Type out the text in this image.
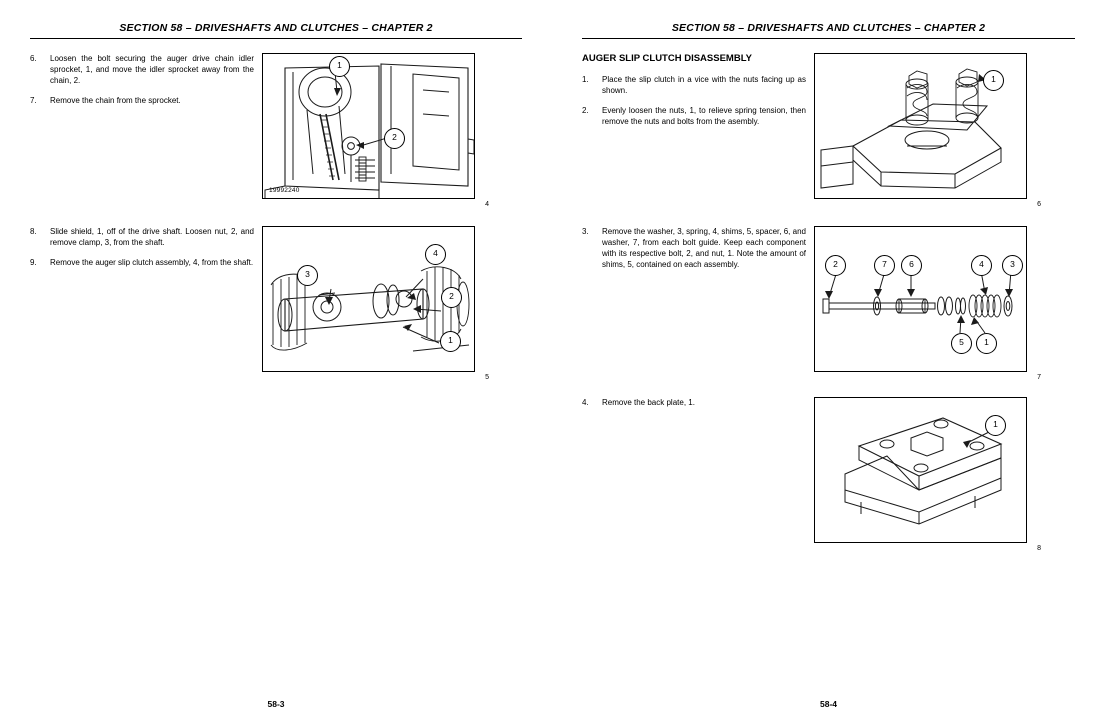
SECTION 58 – DRIVESHAFTS AND CLUTCHES – CHAPTER 2
6.	Loosen the bolt securing the auger drive chain idler sprocket, 1, and move the idler sprocket away from the chain, 2.
7.	Remove the chain from the sprocket.
1
2
19992240
4
8.	Slide shield, 1, off of the drive shaft. Loosen nut, 2, and remove clamp, 3, from the shaft.
9.	Remove the auger slip clutch assembly, 4, from the shaft.
4
3
2
1
5
58-3
SECTION 58 – DRIVESHAFTS AND CLUTCHES – CHAPTER 2
AUGER SLIP CLUTCH DISASSEMBLY
1.	Place the slip clutch in a vice with the nuts facing up as shown.
2.	Evenly loosen the nuts, 1, to relieve spring tension, then remove the nuts and bolts from the asembly.
1
6
3.	Remove the washer, 3, spring, 4, shims, 5, spacer, 6, and washer, 7, from each bolt guide. Keep each component with its respective bolt, 2, and nut, 1. Note the amount of shims, 5, contained on each assembly.	2	7	6	4	3
5	1
7
4.	Remove the back plate, 1.
1
8
58-4
